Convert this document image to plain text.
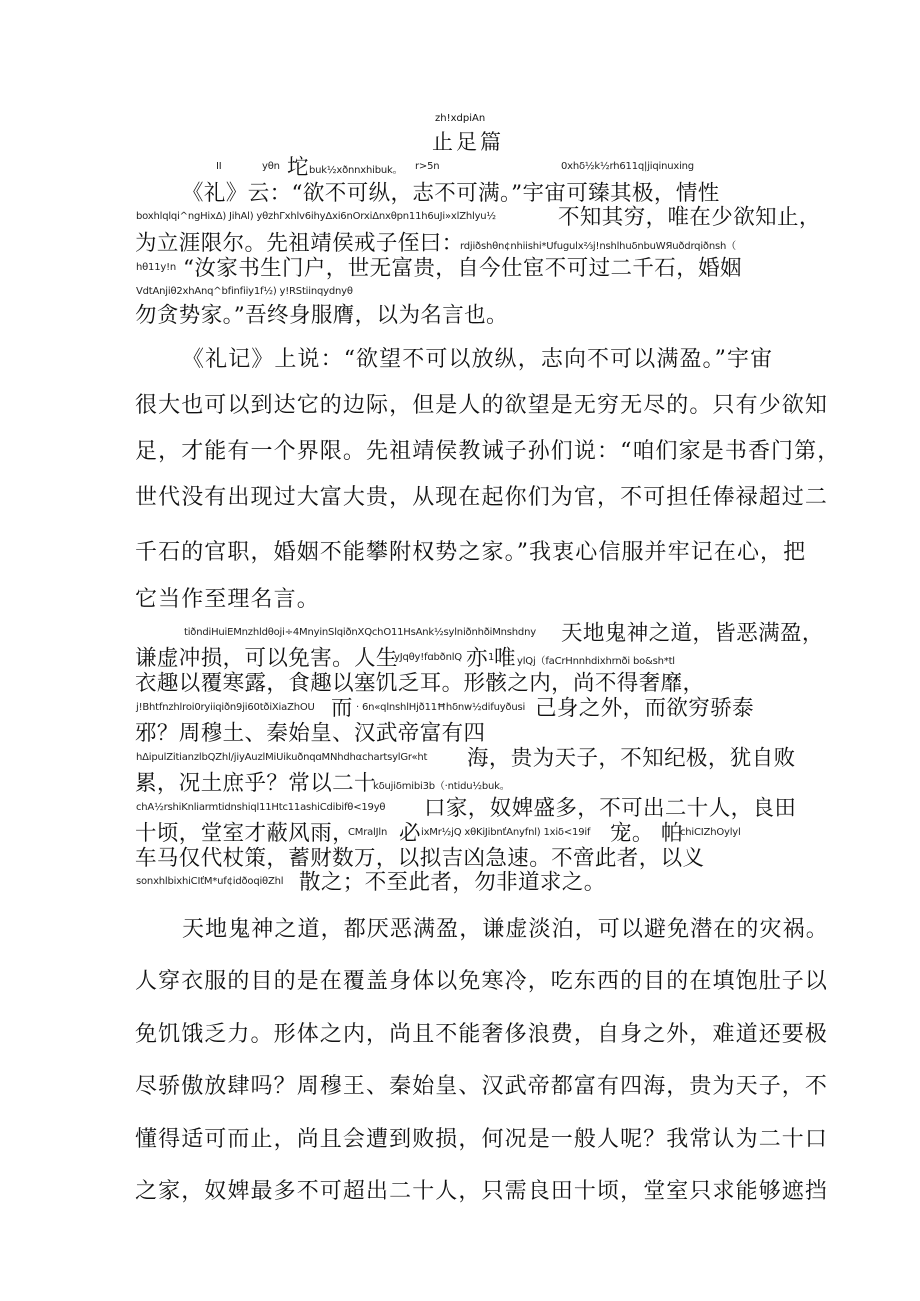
zh!xdpiAn
止足篇
II	yθn 坨 buk½xðnnxhibuk。 r>5n	0xhδ½k½rh611q|jiqinuxing
《礼》云：“欲不可纵，志不可满。”宇宙可臻其极，情性
boxhlqlqi^ngHixΔ) JihAl) yθzhΓxhlv6ihyΔxi6nOrxiΔnxθpn11h6uJi»xlZhlyu½	不知其穷，唯在少欲知止，
为立涯限尔。先祖靖侯戒子侄曰：
rdjiðshθn¢nhiishi*Ufugulx⅔j!nshlhuδnbuWЯuðdrqiðnsh（
hθ11y!n “汝家书生门户，世无富贵，自今仕宦不可过二千石，婚姻
VdtAnjiθ2xhAnq^bfinfiiy1f½) y!RStiinqydnyθ
勿贪势家。”吾终身服膺，以为名言也。
《礼记》上说：“欲望不可以放纵，志向不可以满盈。”宇宙
很大也可以到达它的边际，但是人的欲望是无穷无尽的。只有少欲知
足，才能有一个界限。先祖靖侯教诫子孙们说：“咱们家是书香门第，
世代没有出现过大富大贵，从现在起你们为官，不可担任俸禄超过二
千石的官职，婚姻不能攀附权势之家。”我衷心信服并牢记在心，把
它当作至理名言。
tiðndiHuiEMnzhldθoji÷4MnyinSlqiðnXQchO11HsAnk½sylniðnhðiMnshdny 天地鬼神之道，皆恶满盈，
谦虚冲损，可以免害。人生
yJqθy!fɑbðnlQ 亦 1 唯 ylQj（faCrHnnhdixhrnði bo&sh*tl
衣趣以覆寒露，食趣以塞饥乏耳。形骸之内，尚不得奢靡，
j!Bhtfnzhlroi0ryiiqiðn9ji60tðiXiaZhOU 而 · 6n«qlnshlHjð11Ħhδnw½difuyðusi 己身之外，而欲穷骄泰
邪？周穆土、秦始皇、汉武帝富有四
hΔipulZitianzlbQZhl/jiyAuzlMiUikuðnqɑMNhdhαchartsylGr«ht 海，贵为天子，不知纪极，犹自败
累，况土庶乎？常以二十
kδujiδmibi3b（·ntidu½buk。
chA½rshiKnliarmtidnshiql11Htc11ashiCdibifθ<19yθ 口家，奴婢盛多，不可出二十人，良田
十顷，堂室才蔽风雨，
CMralJln 必 ixMr½jQ xθKiJibnťAnyfnl) 1xiδ<19if 宠。 帕
chiCIZhOylyl
车马仅代杖策，蓄财数万，以拟吉凶急速。不啻此者，以义
sonxhlbixhiCIťM*uf¢idðoqiθZhl 散之；不至此者，勿非道求之。
天地鬼神之道，都厌恶满盈，谦虚淡泊，可以避免潜在的灾祸。
人穿衣服的目的是在覆盖身体以免寒冷，吃东西的目的在填饱肚子以
免饥饿乏力。形体之内，尚且不能奢侈浪费，自身之外，难道还要极
尽骄傲放肆吗？周穆王、秦始皇、汉武帝都富有四海，贵为天子，不
懂得适可而止，尚且会遭到败损，何况是一般人呢？我常认为二十口
之家，奴婢最多不可超出二十人，只需良田十顷，堂室只求能够遮挡
